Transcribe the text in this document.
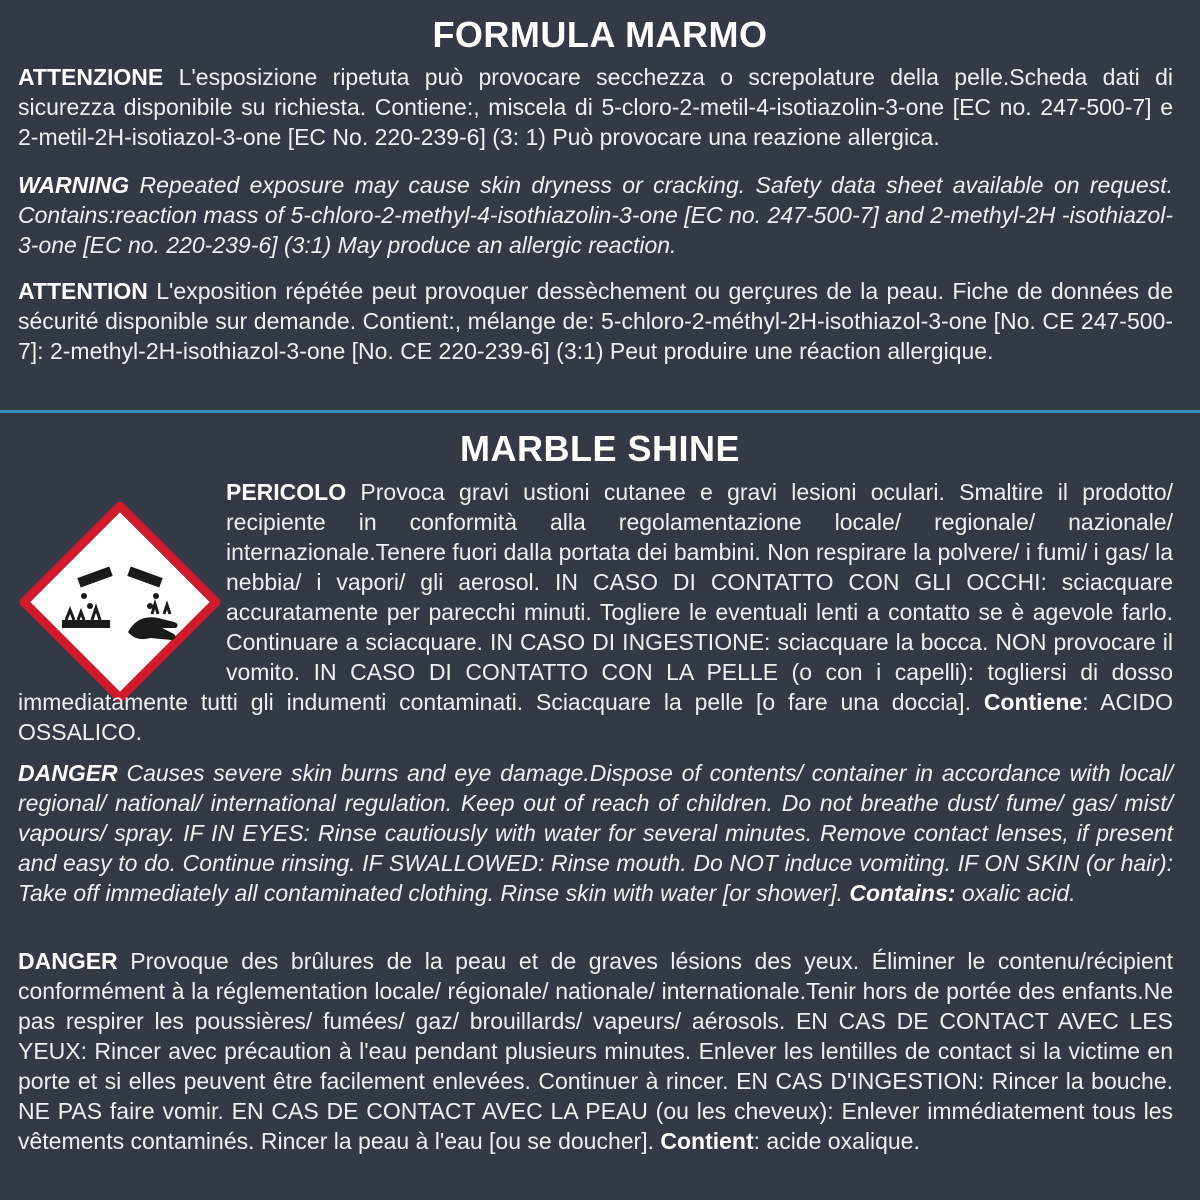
FORMULA MARMO

ATTENZIONE L'esposizione ripetuta può provocare secchezza o screpolature della pelle.Scheda dati di sicurezza disponibile su richiesta. Contiene:, miscela di 5-cloro-2-metil-4-isotiazolin-3-one [EC no. 247-500-7] e 2-metil-2H-isotiazol-3-one [EC No. 220-239-6] (3: 1) Può provocare una reazione allergica.

WARNING Repeated exposure may cause skin dryness or cracking. Safety data sheet available on request. Contains:reaction mass of 5-chloro-2-methyl-4-isothiazolin-3-one [EC no. 247-500-7] and 2-methyl-2H -isothiazol-3-one [EC no. 220-239-6] (3:1) May produce an allergic reaction.

ATTENTION L'exposition répétée peut provoquer dessèchement ou gerçures de la peau. Fiche de données de sécurité disponible sur demande. Contient:, mélange de: 5-chloro-2-méthyl-2H-isothiazol-3-one [No. CE 247-500-7]: 2-methyl-2H-isothiazol-3-one [No. CE 220-239-6] (3:1) Peut produire une réaction allergique.

MARBLE SHINE

PERICOLO Provoca gravi ustioni cutanee e gravi lesioni oculari. Smaltire il prodotto/ recipiente in conformità alla regolamentazione locale/ regionale/ nazionale/ internazionale.Tenere fuori dalla portata dei bambini. Non respirare la polvere/ i fumi/ i gas/ la nebbia/ i vapori/ gli aerosol. IN CASO DI CONTATTO CON GLI OCCHI: sciacquare accuratamente per parecchi minuti. Togliere le eventuali lenti a contatto se è agevole farlo. Continuare a sciacquare. IN CASO DI INGESTIONE: sciacquare la bocca. NON provocare il vomito. IN CASO DI CONTATTO CON LA PELLE (o con i capelli): togliersi di dosso immediatamente tutti gli indumenti contaminati. Sciacquare la pelle [o fare una doccia]. Contiene: ACIDO OSSALICO.

DANGER Causes severe skin burns and eye damage.Dispose of contents/ container in accordance with local/ regional/ national/ international regulation. Keep out of reach of children. Do not breathe dust/ fume/ gas/ mist/ vapours/ spray. IF IN EYES: Rinse cautiously with water for several minutes. Remove contact lenses, if present and easy to do. Continue rinsing. IF SWALLOWED: Rinse mouth. Do NOT induce vomiting. IF ON SKIN (or hair): Take off immediately all contaminated clothing. Rinse skin with water [or shower]. Contains: oxalic acid.

DANGER Provoque des brûlures de la peau et de graves lésions des yeux. Éliminer le contenu/récipient conformément à la réglementation locale/ régionale/ nationale/ internationale.Tenir hors de portée des enfants.Ne pas respirer les poussières/ fumées/ gaz/ brouillards/ vapeurs/ aérosols. EN CAS DE CONTACT AVEC LES YEUX: Rincer avec précaution à l'eau pendant plusieurs minutes. Enlever les lentilles de contact si la victime en porte et si elles peuvent être facilement enlevées. Continuer à rincer. EN CAS D'INGESTION: Rincer la bouche. NE PAS faire vomir. EN CAS DE CONTACT AVEC LA PEAU (ou les cheveux): Enlever immédiatement tous les vêtements contaminés. Rincer la peau à l'eau [ou se doucher]. Contient: acide oxalique.
